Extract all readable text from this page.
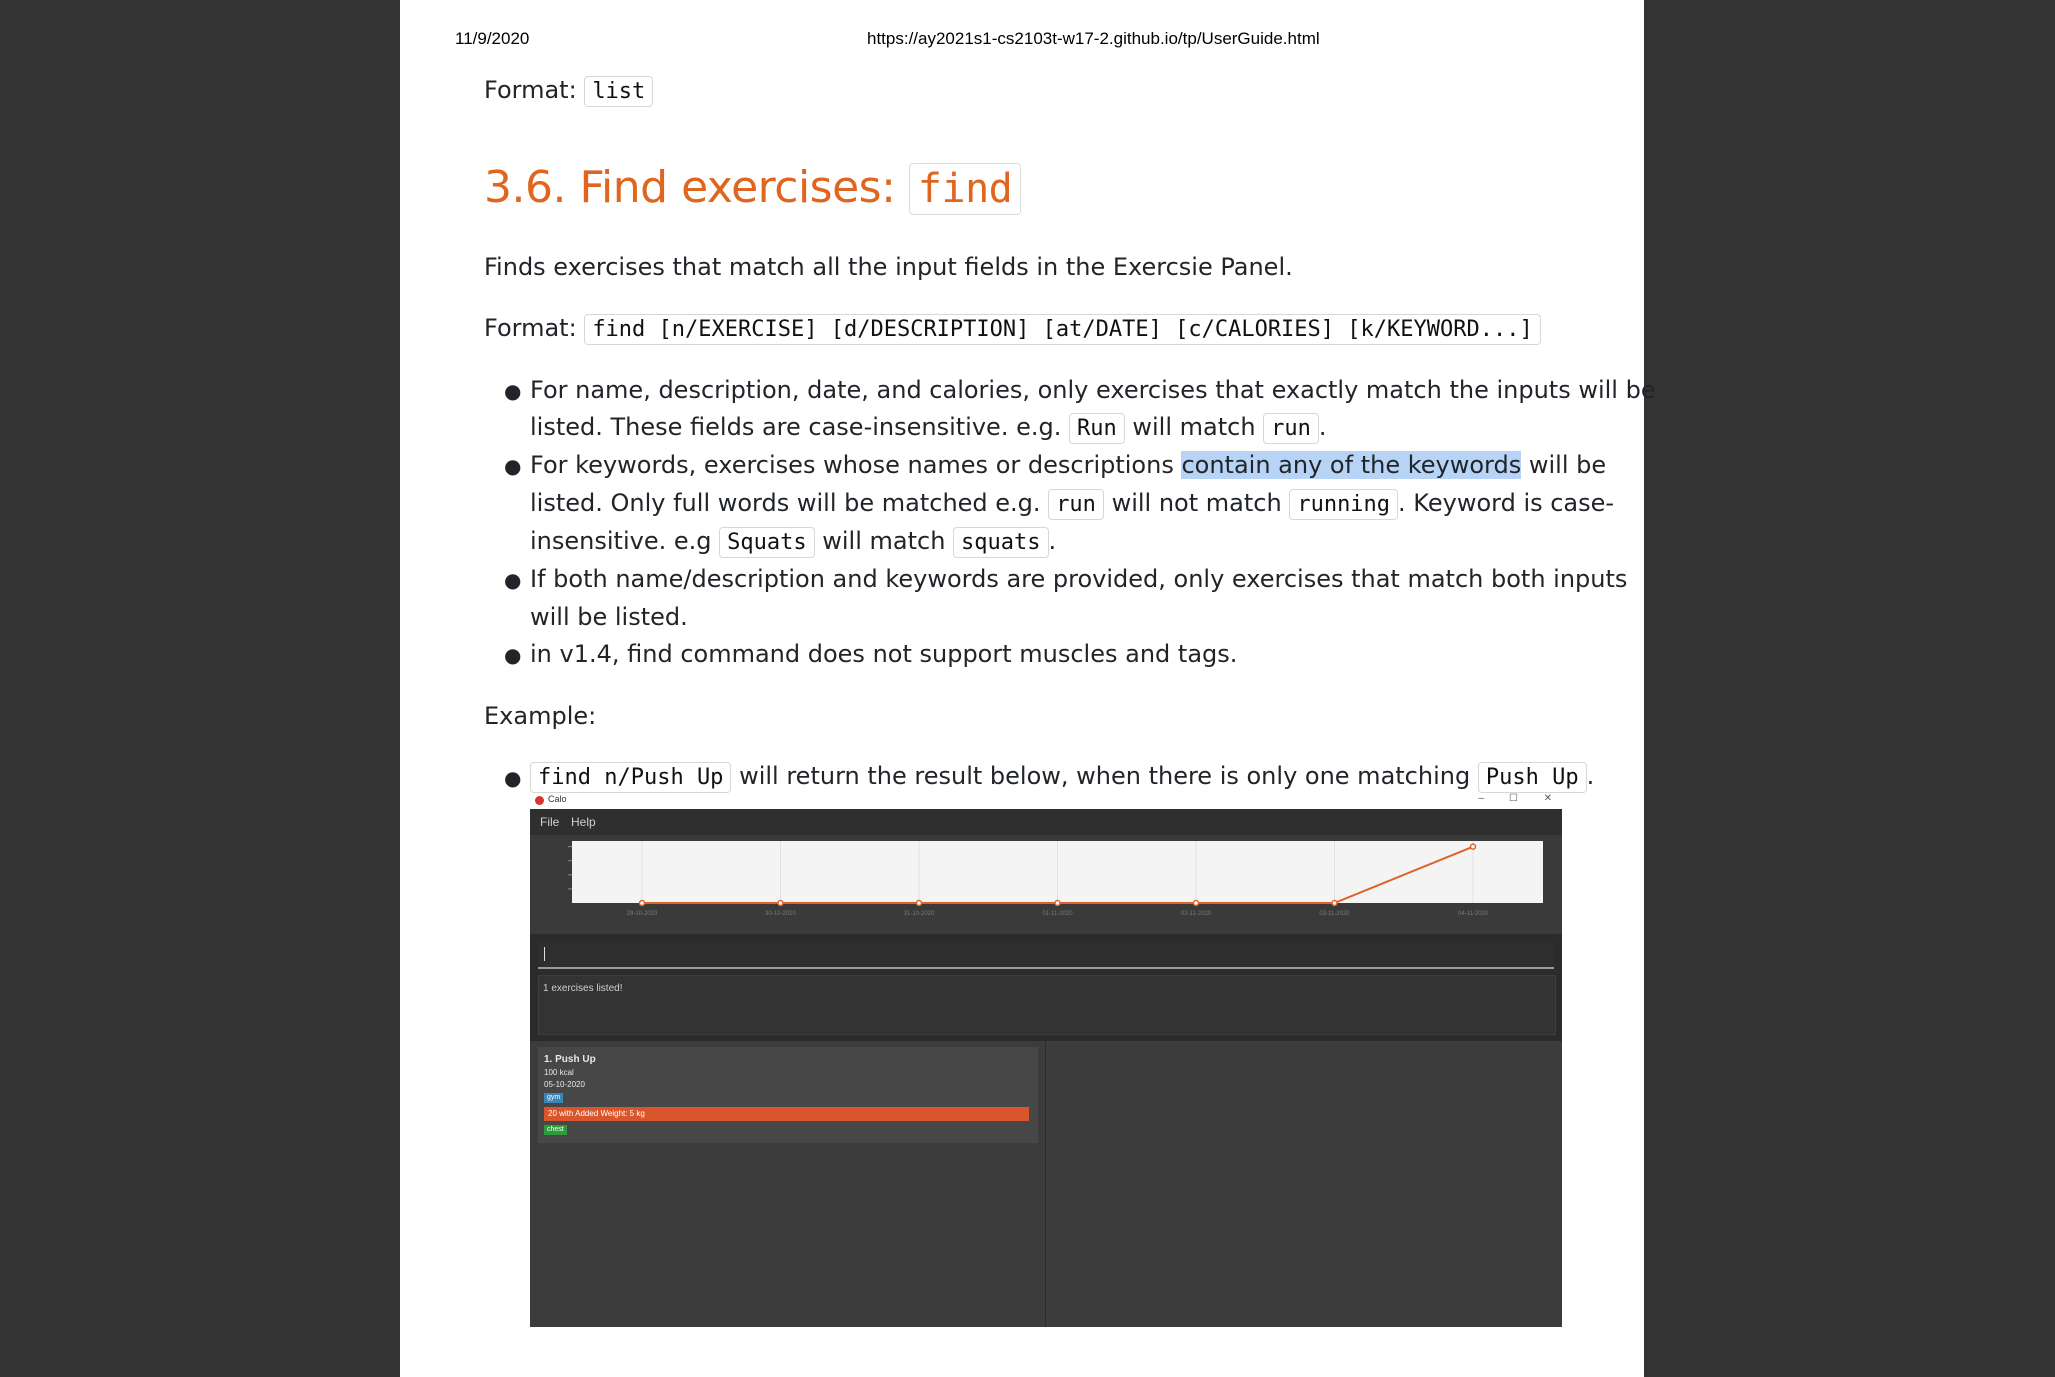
11/9/2020	https://ay2021s1-cs2103t-w17-2.github.io/tp/UserGuide.html
Format: list
3.6. Find exercises: find
Finds exercises that match all the input fields in the Exercsie Panel.
Format: find [n/EXERCISE] [d/DESCRIPTION] [at/DATE] [c/CALORIES] [k/KEYWORD...]
● For name, description, date, and calories, only exercises that exactly match the inputs will be
listed. These fields are case-insensitive. e.g. Run will match run .
● For keywords, exercises whose names or descriptions contain any of the keywords will be
listed. Only full words will be matched e.g. run will not match running . Keyword is case-
insensitive. e.g Squats will match squats .
● If both name/description and keywords are provided, only exercises that match both inputs
will be listed.
● in v1.4, find command does not support muscles and tags.
Example:
● find n/Push Up will return the result below, when there is only one matching Push Up .
Calo	–	☐	✕
File Help
29-10-2020	30-10-2020	31-10-2020	01-11-2020	02-11-2020	03-11-2020	04-11-2020
1 exercises listed!
1. Push Up
100 kcal
05-10-2020
gym
20 with Added Weight: 5 kg
chest
